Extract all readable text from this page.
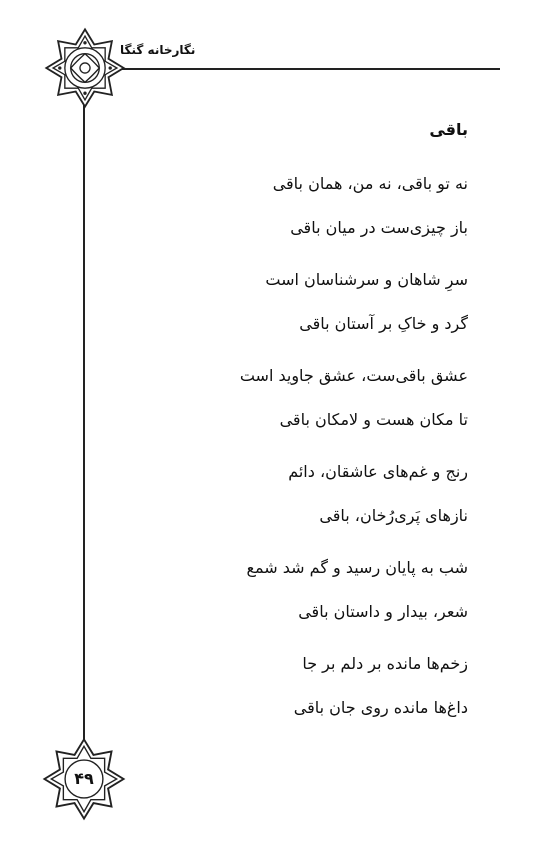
نگارخانه گنگا
باقی
نه تو باقی، نه من، همان باقی
باز چیزی‌ست در میان باقی
سرِ شاهان و سرشناسان است
گرد و خاکِ بر آستان باقی
عشق باقی‌ست، عشق جاوید است
تا مکان هست و لامکان باقی
رنج و غم‌های عاشقان، دائم
نازهای پَری‌رُخان، باقی
شب به پایان رسید و گم شد شمع
شعر، بیدار و داستان باقی
زخم‌ها مانده بر دلم بر جا
داغ‌ها مانده روی جان باقی
۴۹
